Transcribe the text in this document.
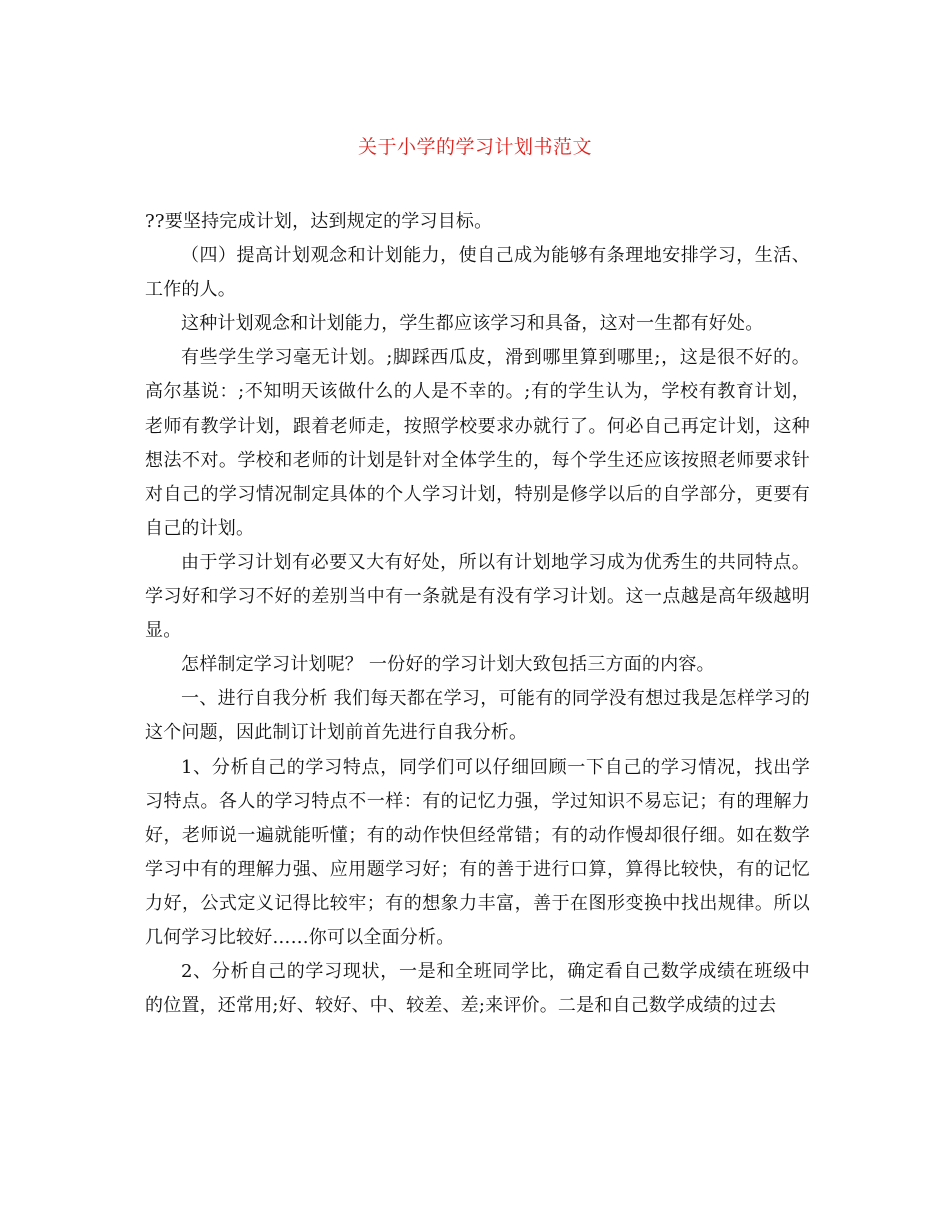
关于小学的学习计划书范文

??要坚持完成计划，达到规定的学习目标。

（四）提高计划观念和计划能力，使自己成为能够有条理地安排学习，生活、工作的人。

这种计划观念和计划能力，学生都应该学习和具备，这对一生都有好处。

有些学生学习毫无计划。;脚踩西瓜皮，滑到哪里算到哪里;，这是很不好的。高尔基说：;不知明天该做什么的人是不幸的。;有的学生认为，学校有教育计划，老师有教学计划，跟着老师走，按照学校要求办就行了。何必自己再定计划，这种想法不对。学校和老师的计划是针对全体学生的，每个学生还应该按照老师要求针对自己的学习情况制定具体的个人学习计划，特别是修学以后的自学部分，更要有自己的计划。

由于学习计划有必要又大有好处，所以有计划地学习成为优秀生的共同特点。学习好和学习不好的差别当中有一条就是有没有学习计划。这一点越是高年级越明显。

怎样制定学习计划呢？ 一份好的学习计划大致包括三方面的内容。

一、进行自我分析 我们每天都在学习，可能有的同学没有想过我是怎样学习的这个问题，因此制订计划前首先进行自我分析。

1、分析自己的学习特点，同学们可以仔细回顾一下自己的学习情况，找出学习特点。各人的学习特点不一样：有的记忆力强，学过知识不易忘记；有的理解力好，老师说一遍就能听懂；有的动作快但经常错；有的动作慢却很仔细。如在数学学习中有的理解力强、应用题学习好；有的善于进行口算，算得比较快，有的记忆力好，公式定义记得比较牢；有的想象力丰富，善于在图形变换中找出规律。所以几何学习比较好……你可以全面分析。

2、分析自己的学习现状，一是和全班同学比，确定看自己数学成绩在班级中的位置，还常用;好、较好、中、较差、差;来评价。二是和自己数学成绩的过去
